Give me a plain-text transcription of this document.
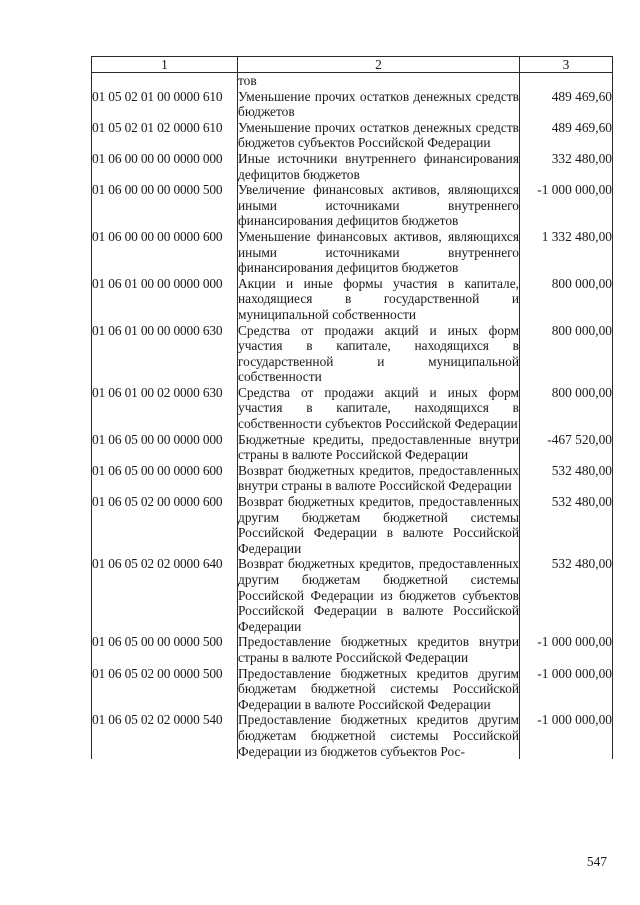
1	2	3
	тов	
01 05 02 01 00 0000 610	Уменьшение прочих остатков денежных средств бюджетов	489 469,60
01 05 02 01 02 0000 610	Уменьшение прочих остатков денежных средств бюджетов субъектов Российской Федерации	489 469,60
01 06 00 00 00 0000 000	Иные источники внутреннего финансирования дефицитов бюджетов	332 480,00
01 06 00 00 00 0000 500	Увеличение финансовых активов, являющихся иными источниками внутреннего финансирования дефицитов бюджетов	-1 000 000,00
01 06 00 00 00 0000 600	Уменьшение финансовых активов, являющихся иными источниками внутреннего финансирования дефицитов бюджетов	1 332 480,00
01 06 01 00 00 0000 000	Акции и иные формы участия в капитале, находящиеся в государственной и муниципальной собственности	800 000,00
01 06 01 00 00 0000 630	Средства от продажи акций и иных форм участия в капитале, находящихся в государственной и муниципальной собственности	800 000,00
01 06 01 00 02 0000 630	Средства от продажи акций и иных форм участия в капитале, находящихся в собственности субъектов Российской Федерации	800 000,00
01 06 05 00 00 0000 000	Бюджетные кредиты, предоставленные внутри страны в валюте Российской Федерации	-467 520,00
01 06 05 00 00 0000 600	Возврат бюджетных кредитов, предоставленных внутри страны в валюте Российской Федерации	532 480,00
01 06 05 02 00 0000 600	Возврат бюджетных кредитов, предоставленных другим бюджетам бюджетной системы Российской Федерации в валюте Российской Федерации	532 480,00
01 06 05 02 02 0000 640	Возврат бюджетных кредитов, предоставленных другим бюджетам бюджетной системы Российской Федерации из бюджетов субъектов Российской Федерации в валюте Российской Федерации	532 480,00
01 06 05 00 00 0000 500	Предоставление бюджетных кредитов внутри страны в валюте Российской Федерации	-1 000 000,00
01 06 05 02 00 0000 500	Предоставление бюджетных кредитов другим бюджетам бюджетной системы Российской Федерации в валюте Российской Федерации	-1 000 000,00
01 06 05 02 02 0000 540	Предоставление бюджетных кредитов другим бюджетам бюджетной системы Российской Федерации из бюджетов субъектов Рос-	-1 000 000,00
547
